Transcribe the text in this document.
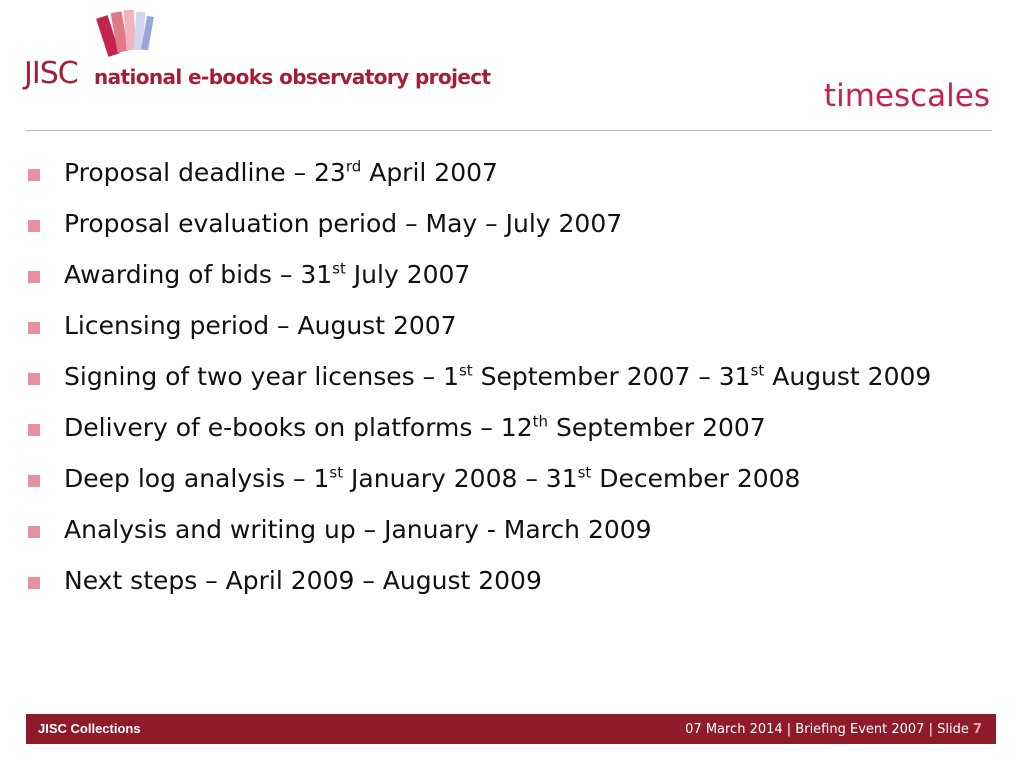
JISC national e-books observatory project
timescales
Proposal deadline – 23rd April 2007
Proposal evaluation period – May – July 2007
Awarding of bids – 31st July 2007
Licensing period – August 2007
Signing of two year licenses – 1st September 2007 – 31st August 2009
Delivery of e-books on platforms – 12th September 2007
Deep log analysis – 1st January 2008 – 31st December 2008
Analysis and writing up – January - March 2009
Next steps – April 2009 – August 2009
JISC Collections	07 March 2014 | Briefing Event 2007 | Slide 7
